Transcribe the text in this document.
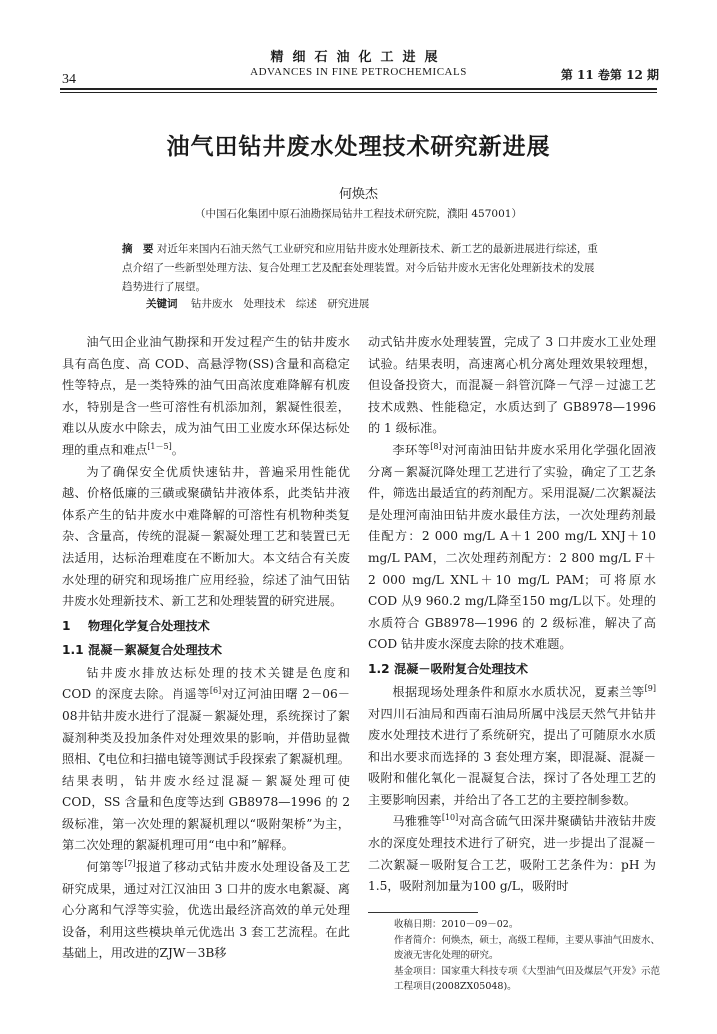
精细石油化工进展
ADVANCES IN FINE PETROCHEMICALS
34	第 11 卷第 12 期
油气田钻井废水处理技术研究新进展
何焕杰
（中国石化集团中原石油勘探局钻井工程技术研究院，濮阳 457001）
摘　要 对近年来国内石油天然气工业研究和应用钻井废水处理新技术、新工艺的最新进展进行综述，重点介绍了一些新型处理方法、复合处理工艺及配套处理装置。对今后钻井废水无害化处理新技术的发展趋势进行了展望。
关键词 钻井废水　处理技术　综述　研究进展

油气田企业油气勘探和开发过程产生的钻井废水具有高色度、高 COD、高悬浮物(SS)含量和高稳定性等特点，是一类特殊的油气田高浓度难降解有机废水，特别是含一些可溶性有机添加剂，絮凝性很差，难以从废水中除去，成为油气田工业废水环保达标处理的重点和难点[1－5]。

为了确保安全优质快速钻井，普遍采用性能优越、价格低廉的三磺或聚磺钻井液体系，此类钻井液体系产生的钻井废水中难降解的可溶性有机物种类复杂、含量高，传统的混凝－絮凝处理工艺和装置已无法适用，达标治理难度在不断加大。本文结合有关废水处理的研究和现场推广应用经验，综述了油气田钻井废水处理新技术、新工艺和处理装置的研究进展。

1 物理化学复合处理技术
1.1 混凝－絮凝复合处理技术

钻井废水排放达标处理的技术关键是色度和 COD 的深度去除。肖遥等[6]对辽河油田曙 2－06－08井钻井废水进行了混凝－絮凝处理，系统探讨了絮凝剂种类及投加条件对处理效果的影响，并借助显微照相、ζ电位和扫描电镜等测试手段探索了絮凝机理。结果表明，钻井废水经过混凝－絮凝处理可使 COD，SS 含量和色度等达到 GB8978—1996 的 2 级标准，第一次处理的絮凝机理以“吸附架桥”为主，第二次处理的絮凝机理可用“电中和”解释。

何第等[7]报道了移动式钻井废水处理设备及工艺研究成果，通过对江汉油田 3 口井的废水电絮凝、离心分离和气浮等实验，优选出最经济高效的单元处理设备，利用这些模块单元优选出 3 套工艺流程。在此基础上，用改进的ZJW－3B移

动式钻井废水处理装置，完成了 3 口井废水工业处理试验。结果表明，高速离心机分离处理效果较理想，但设备投资大，而混凝－斜管沉降－气浮－过滤工艺技术成熟、性能稳定，水质达到了 GB8978—1996 的 1 级标准。

李环等[8]对河南油田钻井废水采用化学强化固液分离－絮凝沉降处理工艺进行了实验，确定了工艺条件，筛选出最适宜的药剂配方。采用混凝/二次絮凝法是处理河南油田钻井废水最佳方法，一次处理药剂最佳配方：2 000 mg/L A＋1 200 mg/L XNJ＋10 mg/L PAM，二次处理药剂配方：2 800 mg/L F＋2 000 mg/L XNL＋10 mg/L PAM；可将原水 COD 从9 960.2 mg/L降至150 mg/L以下。处理的水质符合 GB8978—1996 的 2 级标准，解决了高 COD 钻井废水深度去除的技术难题。

1.2 混凝－吸附复合处理技术

根据现场处理条件和原水水质状况，夏素兰等[9]对四川石油局和西南石油局所属中浅层天然气井钻井废水处理技术进行了系统研究，提出了可随原水水质和出水要求而选择的 3 套处理方案，即混凝、混凝－吸附和催化氧化－混凝复合法，探讨了各处理工艺的主要影响因素，并给出了各工艺的主要控制参数。

马雅雅等[10]对高含硫气田深井聚磺钻井液钻井废水的深度处理技术进行了研究，进一步提出了混凝－二次絮凝－吸附复合工艺，吸附工艺条件为：pH 为1.5，吸附剂加量为100 g/L，吸附时

收稿日期：2010－09－02。
作者简介：何焕杰，硕士，高级工程师，主要从事油气田废水、废液无害化处理的研究。
基金项目：国家重大科技专项《大型油气田及煤层气开发》示范工程项目(2008ZX05048)。
